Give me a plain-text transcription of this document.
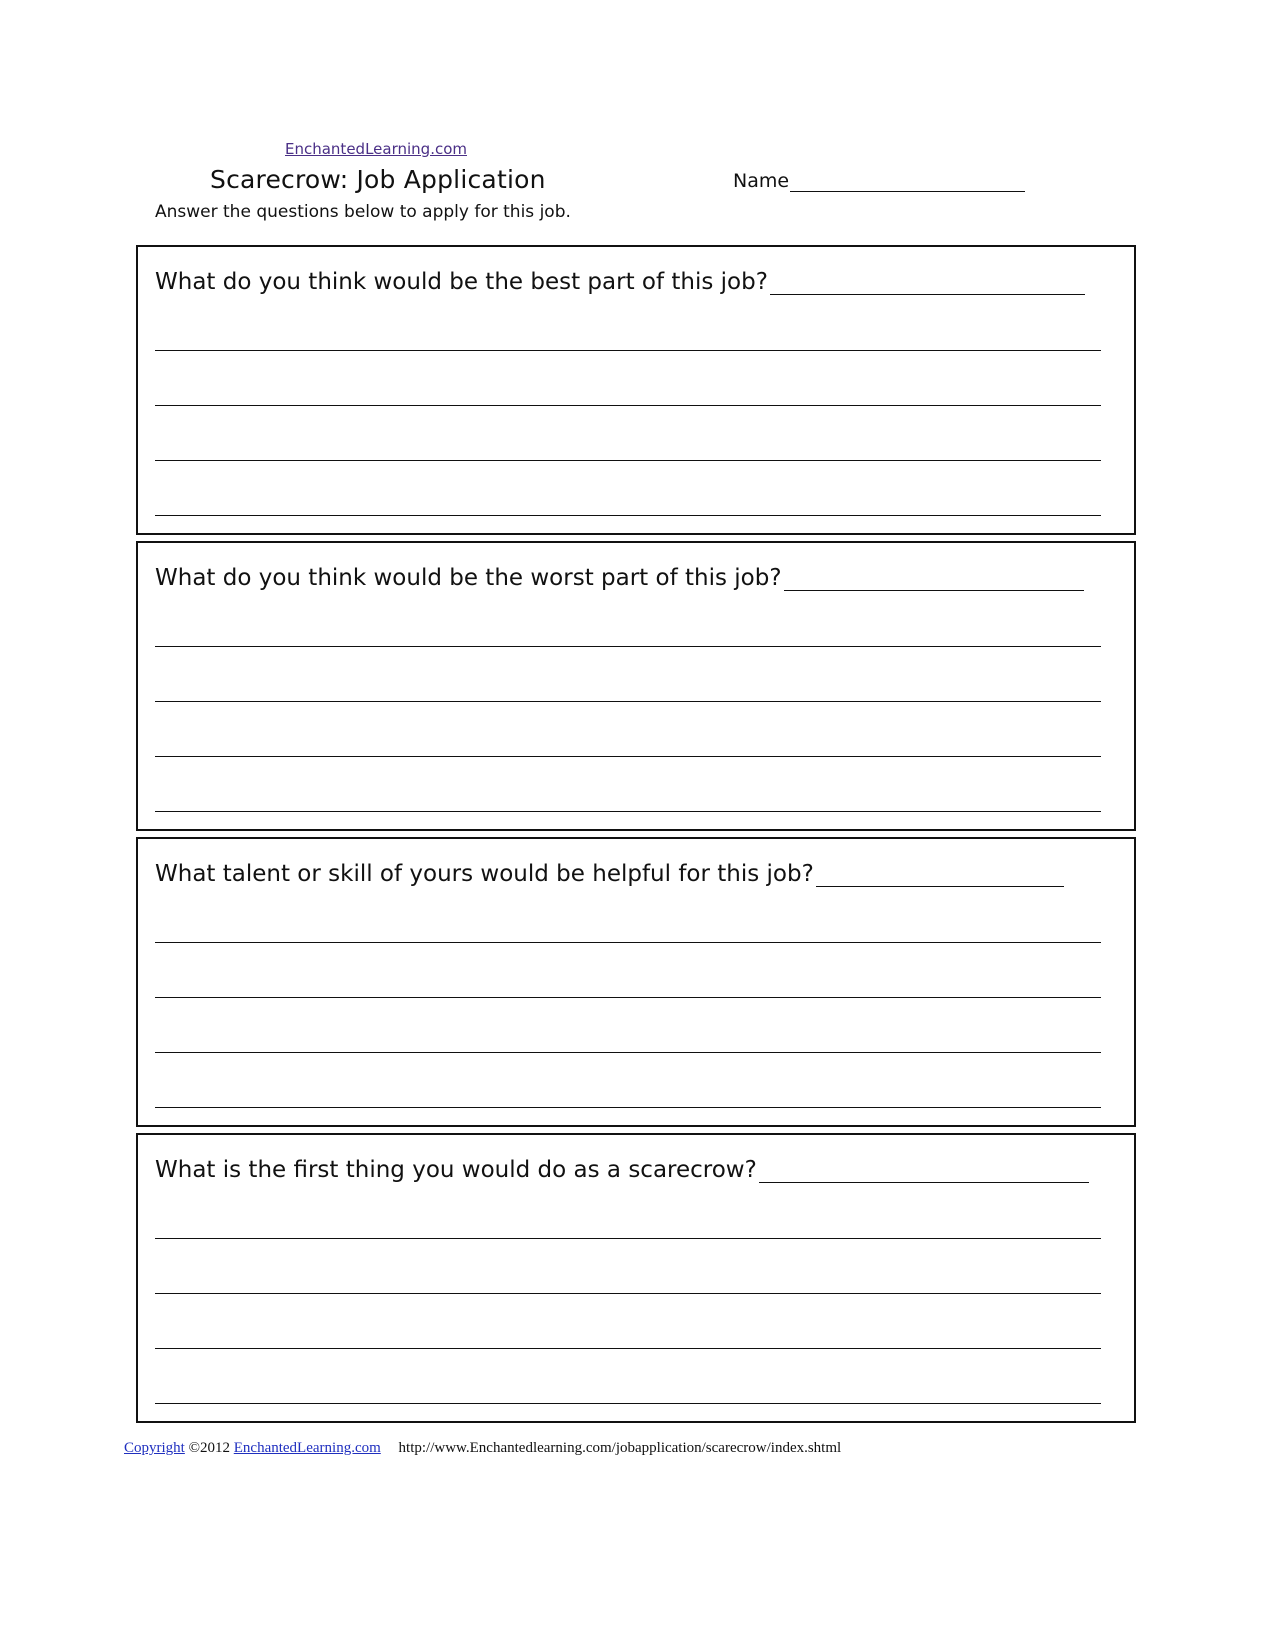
EnchantedLearning.com
Scarecrow: Job Application
Answer the questions below to apply for this job.
Name
What do you think would be the best part of this job?
What do you think would be the worst part of this job?
What talent or skill of yours would be helpful for this job?
What is the first thing you would do as a scarecrow?
Copyright ©2012 EnchantedLearning.com http://www.Enchantedlearning.com/jobapplication/scarecrow/index.shtml
